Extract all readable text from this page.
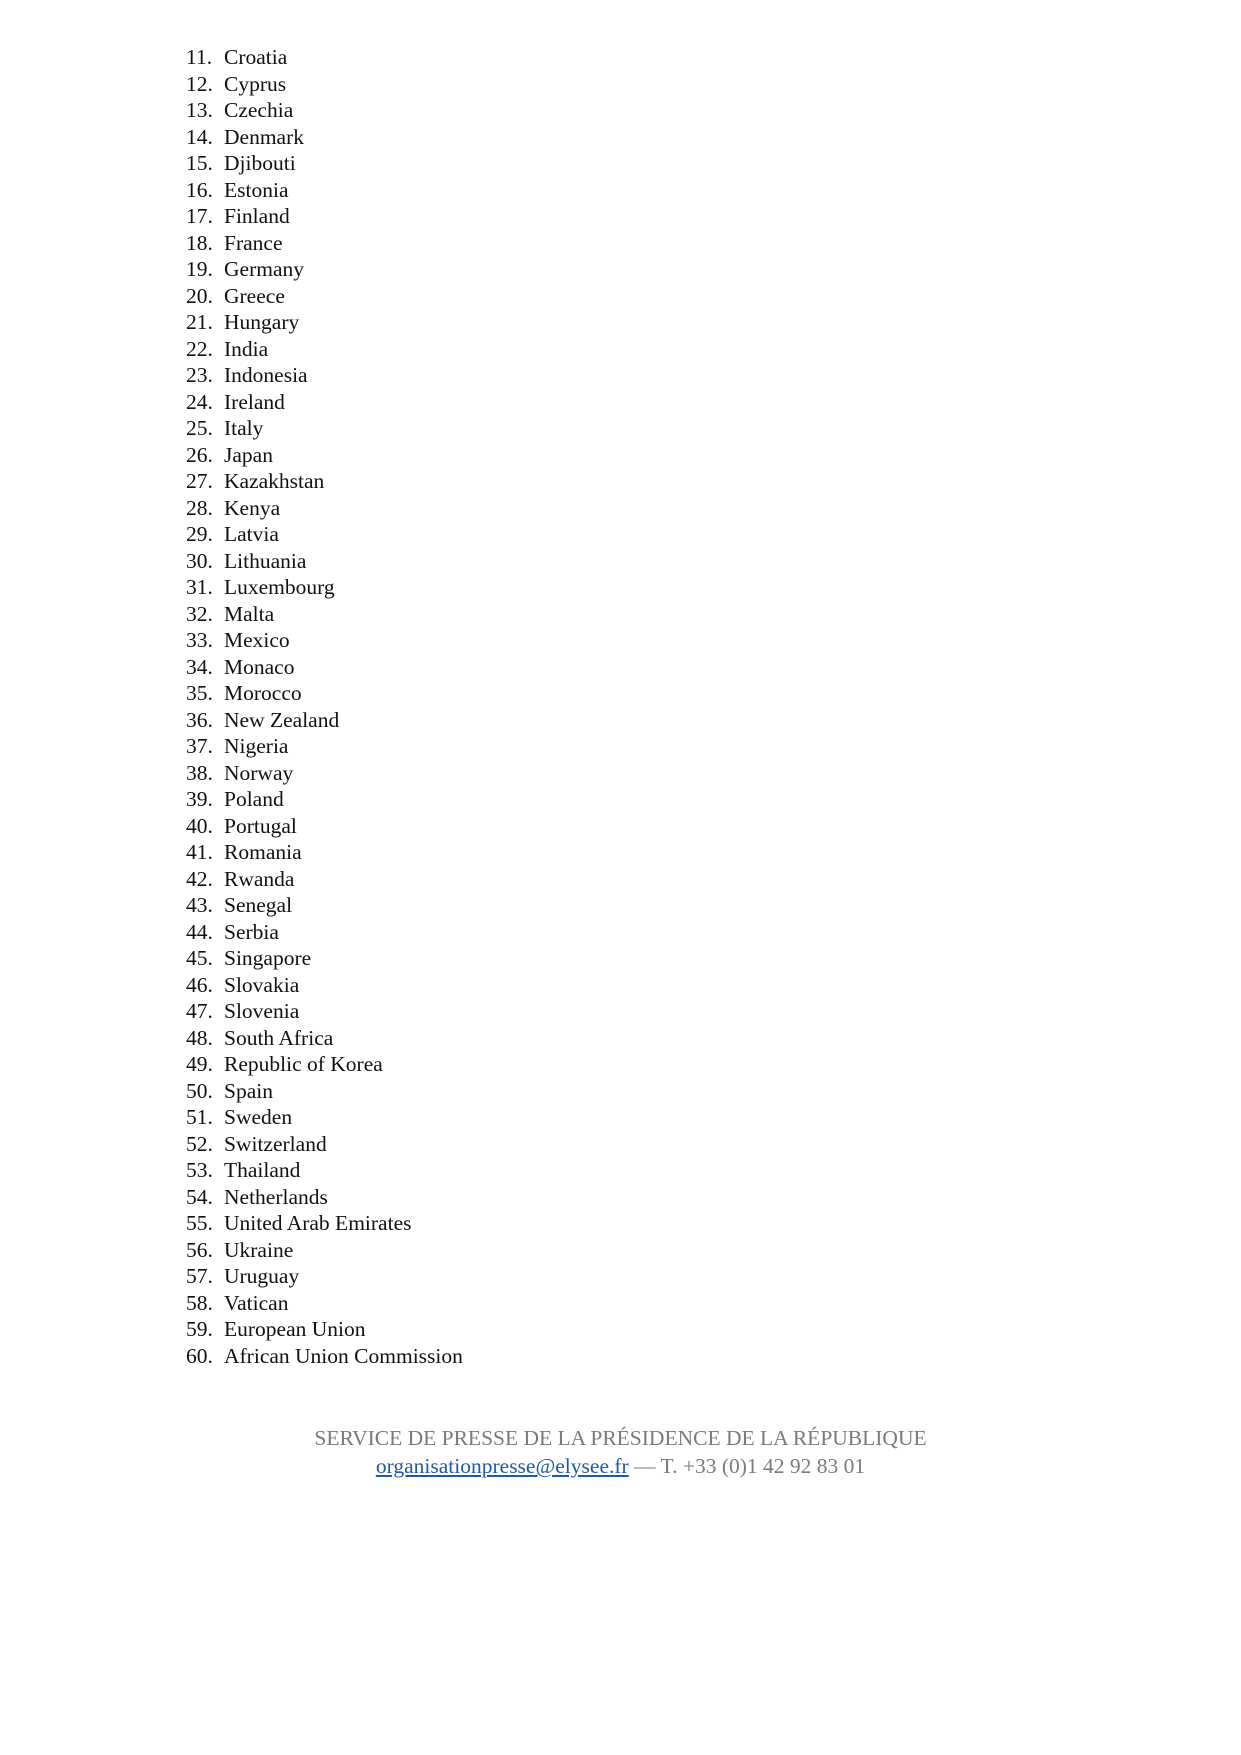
11. Croatia
12. Cyprus
13. Czechia
14. Denmark
15. Djibouti
16. Estonia
17. Finland
18. France
19. Germany
20. Greece
21. Hungary
22. India
23. Indonesia
24. Ireland
25. Italy
26. Japan
27. Kazakhstan
28. Kenya
29. Latvia
30. Lithuania
31. Luxembourg
32. Malta
33. Mexico
34. Monaco
35. Morocco
36. New Zealand
37. Nigeria
38. Norway
39. Poland
40. Portugal
41. Romania
42. Rwanda
43. Senegal
44. Serbia
45. Singapore
46. Slovakia
47. Slovenia
48. South Africa
49. Republic of Korea
50. Spain
51. Sweden
52. Switzerland
53. Thailand
54. Netherlands
55. United Arab Emirates
56. Ukraine
57. Uruguay
58. Vatican
59. European Union
60. African Union Commission
SERVICE DE PRESSE DE LA PRÉSIDENCE DE LA RÉPUBLIQUE
organisationpresse@elysee.fr — T. +33 (0)1 42 92 83 01
